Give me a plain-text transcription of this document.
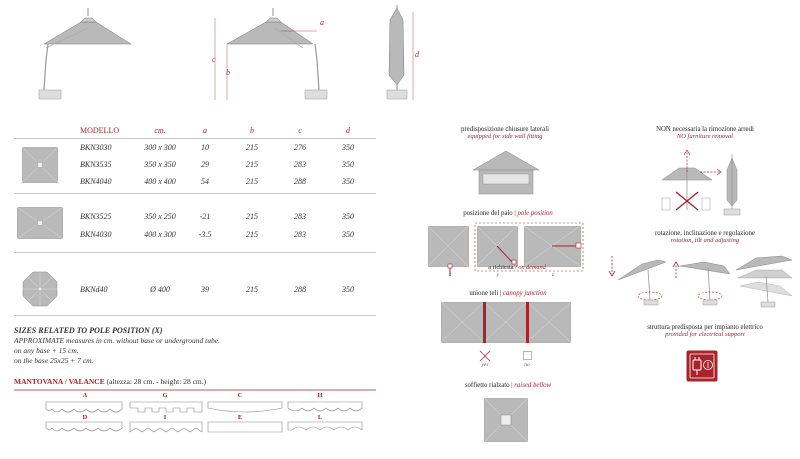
c
b
a
d
MODELLO	cm.	a	b	c	d
BKN3030	300 x 300	10	215	276	350
BKN3535	350 x 350	29	215	283	350
BKN4040	400 x 400	54	215	288	350
BKN3525	350 x 250	-21	215	283	350
BKN4030	400 x 300	-3.5	215	283	350
BKNd40	Ø 400	39	215	288	350
SIZES RELATED TO POLE POSITION (X)
APPROXIMATE measures in cm. without base or underground tube.
on any base + 15 cm.
on the base 25x25 + 7 cm.
MANTOVANA / VALANCE (altezza: 28 cm. - height: 28 cm.)
A	G	C	H
D	I	E	L
predisposizione chiusure laterali
equipped for side wall fitting
posizione del palo | pole position
x	y	z
a richiesta / on demand
unione teli | canopy junction
yes	no
soffietto rialzato | raised bellow
NON necessaria la rimozione arredi
NO furniture removal
rotazione, inclinazione e regolazione
rotation, tilt and adjusting
struttura predisposta per impianto elettrico
provided for electrical support
